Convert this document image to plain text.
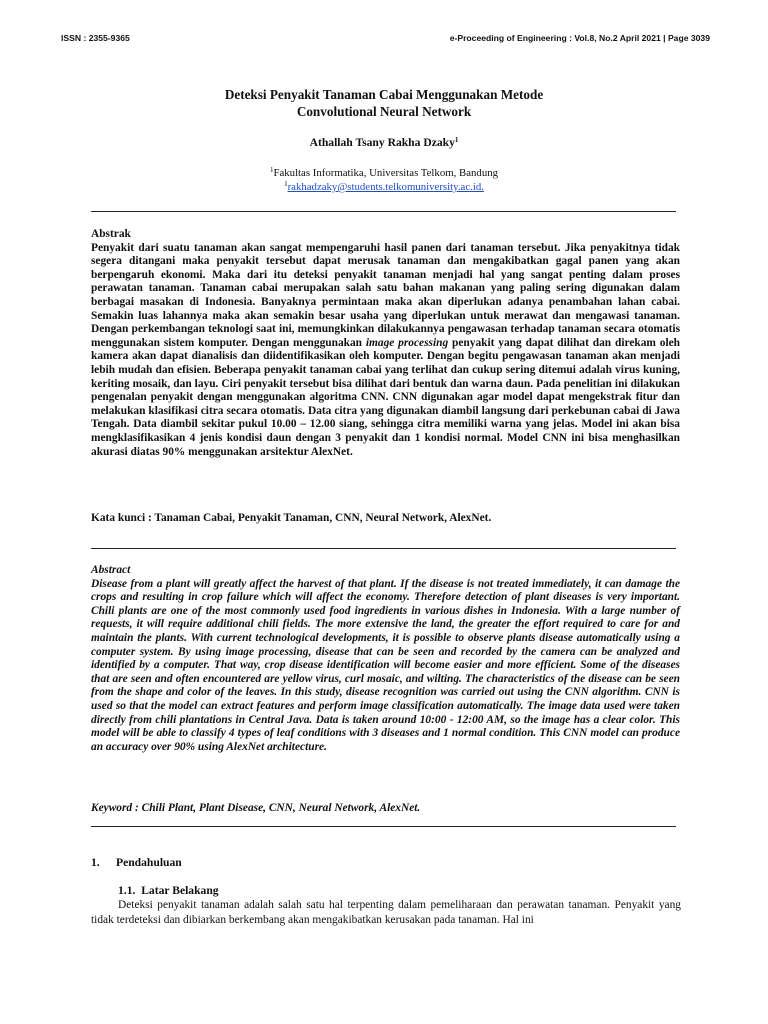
ISSN : 2355-9365	e-Proceeding of Engineering : Vol.8, No.2 April 2021 | Page 3039
Deteksi Penyakit Tanaman Cabai Menggunakan Metode
Convolutional Neural Network
Athallah Tsany Rakha Dzaky$^1$
$^1$Fakultas Informatika, Universitas Telkom, Bandung
$^1$rakhadzaky@students.telkomuniversity.ac.id.
Abstrak

Penyakit dari suatu tanaman akan sangat mempengaruhi hasil panen dari tanaman tersebut. Jika penyakitnya tidak segera ditangani maka penyakit tersebut dapat merusak tanaman dan mengakibatkan gagal panen yang akan berpengaruh ekonomi. Maka dari itu deteksi penyakit tanaman menjadi hal yang sangat penting dalam proses perawatan tanaman. Tanaman cabai merupakan salah satu bahan makanan yang paling sering digunakan dalam berbagai masakan di Indonesia. Banyaknya permintaan maka akan diperlukan adanya penambahan lahan cabai. Semakin luas lahannya maka akan semakin besar usaha yang diperlukan untuk merawat dan mengawasi tanaman. Dengan perkembangan teknologi saat ini, memungkinkan dilakukannya pengawasan terhadap tanaman secara otomatis menggunakan sistem komputer. Dengan menggunakan image processing penyakit yang dapat dilihat dan direkam oleh kamera akan dapat dianalisis dan diidentifikasikan oleh komputer. Dengan begitu pengawasan tanaman akan menjadi lebih mudah dan efisien. Beberapa penyakit tanaman cabai yang terlihat dan cukup sering ditemui adalah virus kuning, keriting mosaik, dan layu. Ciri penyakit tersebut bisa dilihat dari bentuk dan warna daun. Pada penelitian ini dilakukan pengenalan penyakit dengan menggunakan algoritma CNN. CNN digunakan agar model dapat mengekstrak fitur dan melakukan klasifikasi citra secara otomatis. Data citra yang digunakan diambil langsung dari perkebunan cabai di Jawa Tengah. Data diambil sekitar pukul 10.00 – 12.00 siang, sehingga citra memiliki warna yang jelas. Model ini akan bisa mengklasifikasikan 4 jenis kondisi daun dengan 3 penyakit dan 1 kondisi normal. Model CNN ini bisa menghasilkan akurasi diatas 90% menggunakan arsitektur AlexNet.

Kata kunci : Tanaman Cabai, Penyakit Tanaman, CNN, Neural Network, AlexNet.
Abstract

Disease from a plant will greatly affect the harvest of that plant. If the disease is not treated immediately, it can damage the crops and resulting in crop failure which will affect the economy. Therefore detection of plant diseases is very important. Chili plants are one of the most commonly used food ingredients in various dishes in Indonesia. With a large number of requests, it will require additional chili fields. The more extensive the land, the greater the effort required to care for and maintain the plants. With current technological developments, it is possible to observe plants disease automatically using a computer system. By using image processing, disease that can be seen and recorded by the camera can be analyzed and identified by a computer. That way, crop disease identification will become easier and more efficient. Some of the diseases that are seen and often encountered are yellow virus, curl mosaic, and wilting. The characteristics of the disease can be seen from the shape and color of the leaves. In this study, disease recognition was carried out using the CNN algorithm. CNN is used so that the model can extract features and perform image classification automatically. The image data used were taken directly from chili plantations in Central Java. Data is taken around 10:00 - 12:00 AM, so the image has a clear color. This model will be able to classify 4 types of leaf conditions with 3 diseases and 1 normal condition. This CNN model can produce an accuracy over 90% using AlexNet architecture.

Keyword : Chili Plant, Plant Disease, CNN, Neural Network, AlexNet.
1. Pendahuluan
1.1. Latar Belakang

Deteksi penyakit tanaman adalah salah satu hal terpenting dalam pemeliharaan dan perawatan tanaman. Penyakit yang tidak terdeteksi dan dibiarkan berkembang akan mengakibatkan kerusakan pada tanaman. Hal ini
